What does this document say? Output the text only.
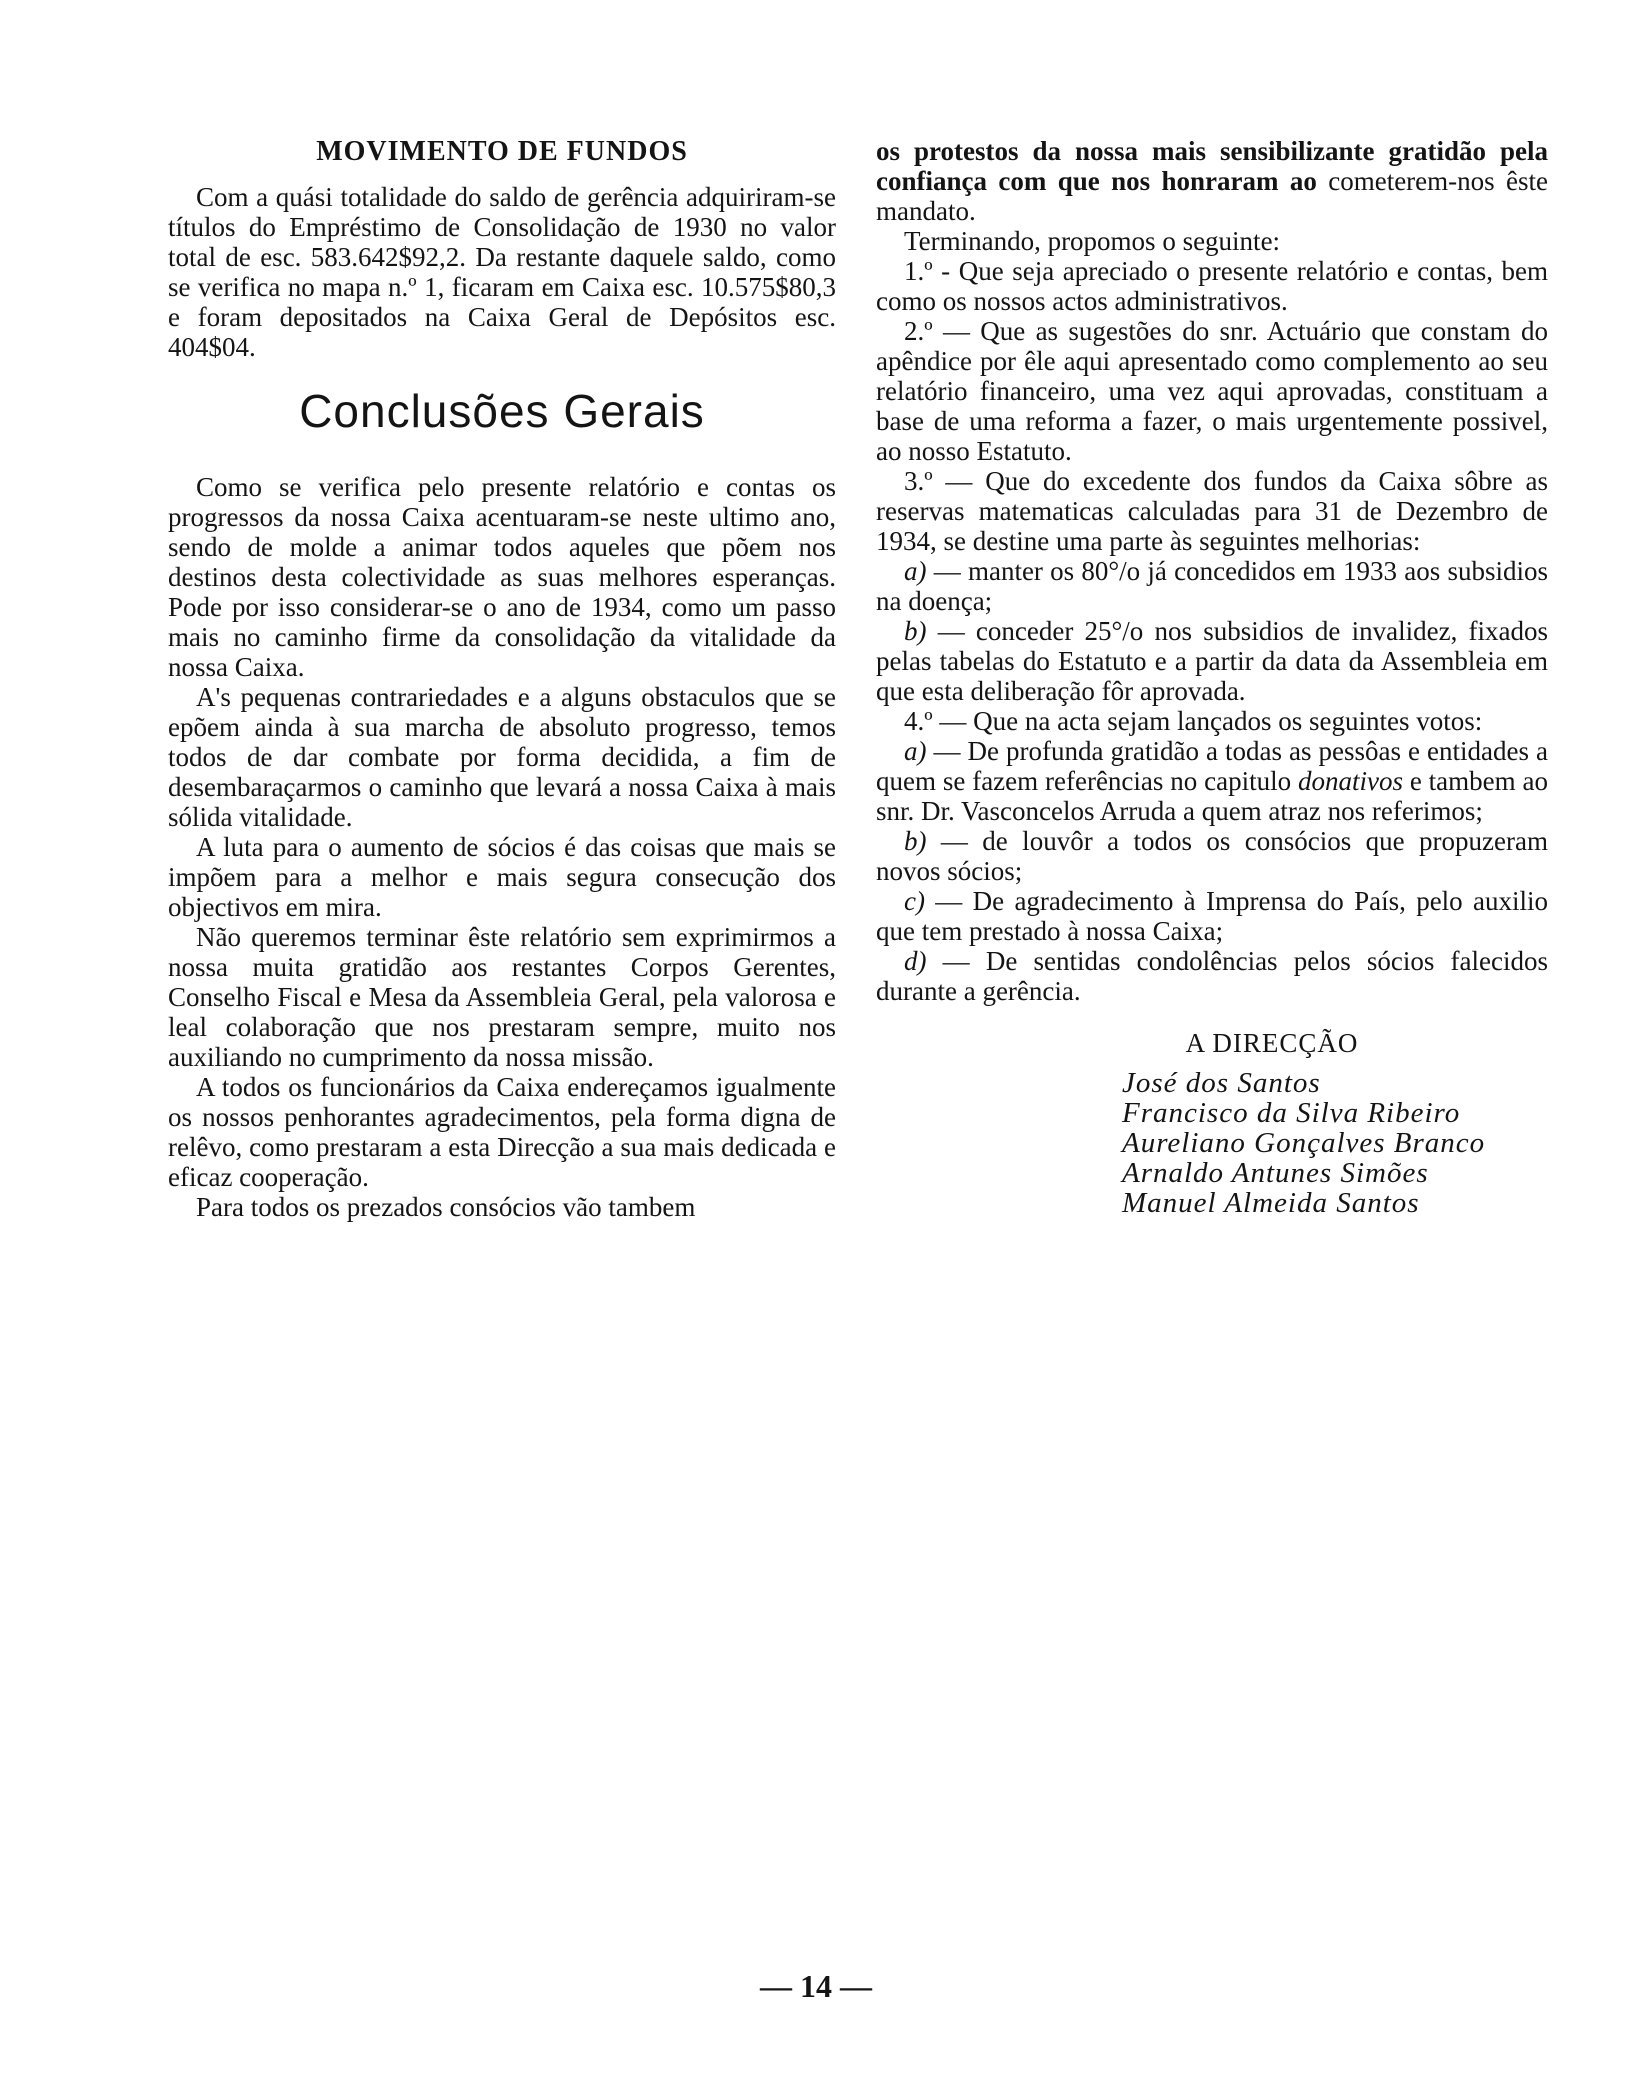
MOVIMENTO DE FUNDOS

Com a quási totalidade do saldo de gerência adquiriram-se títulos do Empréstimo de Consolidação de 1930 no valor total de esc. 583.642$92,2. Da restante daquele saldo, como se verifica no mapa n.º 1, ficaram em Caixa esc. 10.575$80,3 e foram depositados na Caixa Geral de Depósitos esc. 404$04.

Conclusões Gerais

Como se verifica pelo presente relatório e contas os progressos da nossa Caixa acentuaram-se neste ultimo ano, sendo de molde a animar todos aqueles que põem nos destinos desta colectividade as suas melhores esperanças. Pode por isso considerar-se o ano de 1934, como um passo mais no caminho firme da consolidação da vitalidade da nossa Caixa.

A's pequenas contrariedades e a alguns obstaculos que se epõem ainda à sua marcha de absoluto progresso, temos todos de dar combate por forma decidida, a fim de desembaraçarmos o caminho que levará a nossa Caixa à mais sólida vitalidade.

A luta para o aumento de sócios é das coisas que mais se impõem para a melhor e mais segura consecução dos objectivos em mira.

Não queremos terminar êste relatório sem exprimirmos a nossa muita gratidão aos restantes Corpos Gerentes, Conselho Fiscal e Mesa da Assembleia Geral, pela valorosa e leal colaboração que nos prestaram sempre, muito nos auxiliando no cumprimento da nossa missão.

A todos os funcionários da Caixa endereçamos igualmente os nossos penhorantes agradecimentos, pela forma digna de relêvo, como prestaram a esta Direcção a sua mais dedicada e eficaz cooperação.

Para todos os prezados consócios vão tambem

os protestos da nossa mais sensibilizante gratidão pela confiança com que nos honraram ao cometerem-nos êste mandato.

Terminando, propomos o seguinte:

1.º - Que seja apreciado o presente relatório e contas, bem como os nossos actos administrativos.

2.º — Que as sugestões do snr. Actuário que constam do apêndice por êle aqui apresentado como complemento ao seu relatório financeiro, uma vez aqui aprovadas, constituam a base de uma reforma a fazer, o mais urgentemente possivel, ao nosso Estatuto.

3.º — Que do excedente dos fundos da Caixa sôbre as reservas matematicas calculadas para 31 de Dezembro de 1934, se destine uma parte às seguintes melhorias:

a) — manter os 80°/o já concedidos em 1933 aos subsidios na doença;

b) — conceder 25°/o nos subsidios de invalidez, fixados pelas tabelas do Estatuto e a partir da data da Assembleia em que esta deliberação fôr aprovada.

4.º — Que na acta sejam lançados os seguintes votos:

a) — De profunda gratidão a todas as pessôas e entidades a quem se fazem referências no capitulo donativos e tambem ao snr. Dr. Vasconcelos Arruda a quem atraz nos referimos;

b) — de louvôr a todos os consócios que propuzeram novos sócios;

c) — De agradecimento à Imprensa do País, pelo auxilio que tem prestado à nossa Caixa;

d) — De sentidas condolências pelos sócios falecidos durante a gerência.

A DIRECÇÃO

José dos Santos
Francisco da Silva Ribeiro
Aureliano Gonçalves Branco
Arnaldo Antunes Simões
Manuel Almeida Santos
— 14 —
